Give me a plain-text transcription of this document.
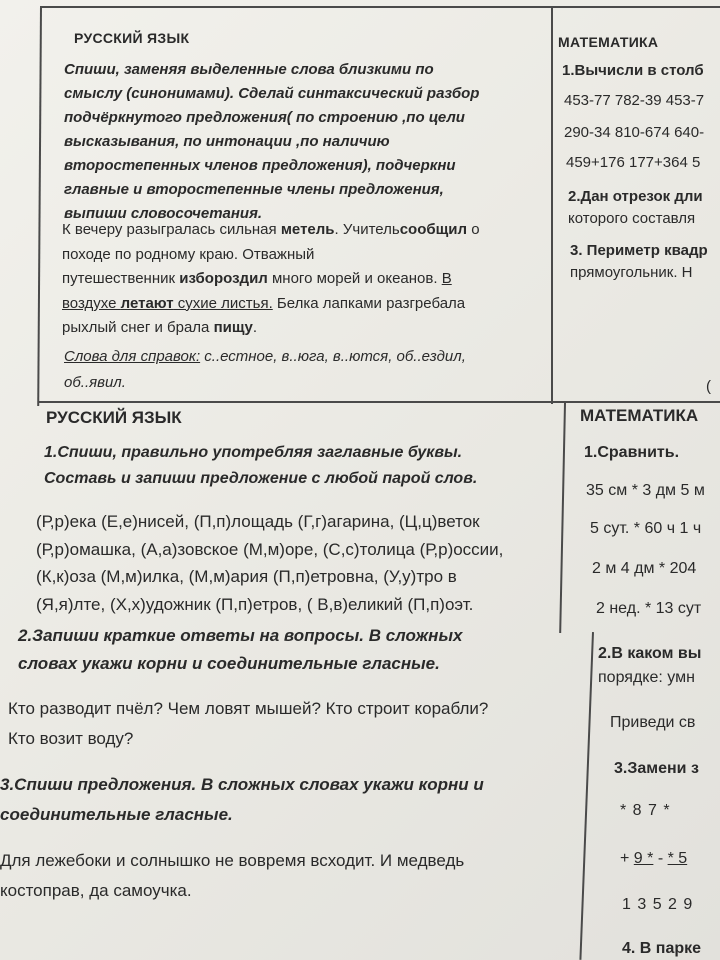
РУССКИЙ ЯЗЫК	МАТЕМАТИКА
Спиши, заменяя выделенные слова близкими по
смыслу (синонимами). Сделай синтаксический разбор
подчёркнутого предложения( по строению ,по цели
высказывания, по интонации ,по наличию
второстепенных членов предложения), подчеркни
главные и второстепенные члены предложения,
выпиши словосочетания.
К вечеру разыгралась сильная метель. Учительсообщил о
походе по родному краю. Отважный
путешественник избороздил много морей и океанов. В
воздухе летают сухие листья. Белка лапками разгребала
рыхлый снег и брала пищу.
Слова для справок: с..естное, в..юга, в..ются, об..ездил,
об..явил.
1.Вычисли в столб
453-77 782-39 453-7
290-34 810-674 640-
459+176 177+364 5
2.Дан отрезок дли
которого составля
3. Периметр квадр
прямоугольник. Н
(
РУССКИЙ ЯЗЫК	МАТЕМАТИКА
1.Спиши, правильно употребляя заглавные буквы.
Составь и запиши предложение с любой парой слов.
(Р,р)ека (Е,е)нисей, (П,п)лощадь (Г,г)агарина, (Ц,ц)веток
(Р,р)омашка, (А,а)зовское (М,м)оре, (С,с)толица (Р,р)оссии,
(К,к)оза (М,м)илка, (М,м)ария (П,п)етровна, (У,у)тро в
(Я,я)лте, (Х,х)удожник (П,п)етров, ( В,в)еликий (П,п)оэт.
2.Запиши краткие ответы на вопросы. В сложных
словах укажи корни и соединительные гласные.
Кто разводит пчёл? Чем ловят мышей? Кто строит корабли?
Кто возит воду?
3.Спиши предложения. В сложных словах укажи корни и
соединительные гласные.
Для лежебоки и солнышко не вовремя всходит. И медведь
костоправ, да самоучка.
1.Сравнить.
35 см * 3 дм 5 м
5 сут. * 60 ч 1 ч
2 м 4 дм * 204
2 нед. * 13 сут
2.В каком вы
порядке: умн
Приведи св
3.Замени з
* 8 7 *
+ 9 * - * 5
1 3 5 2 9
4. В парке
